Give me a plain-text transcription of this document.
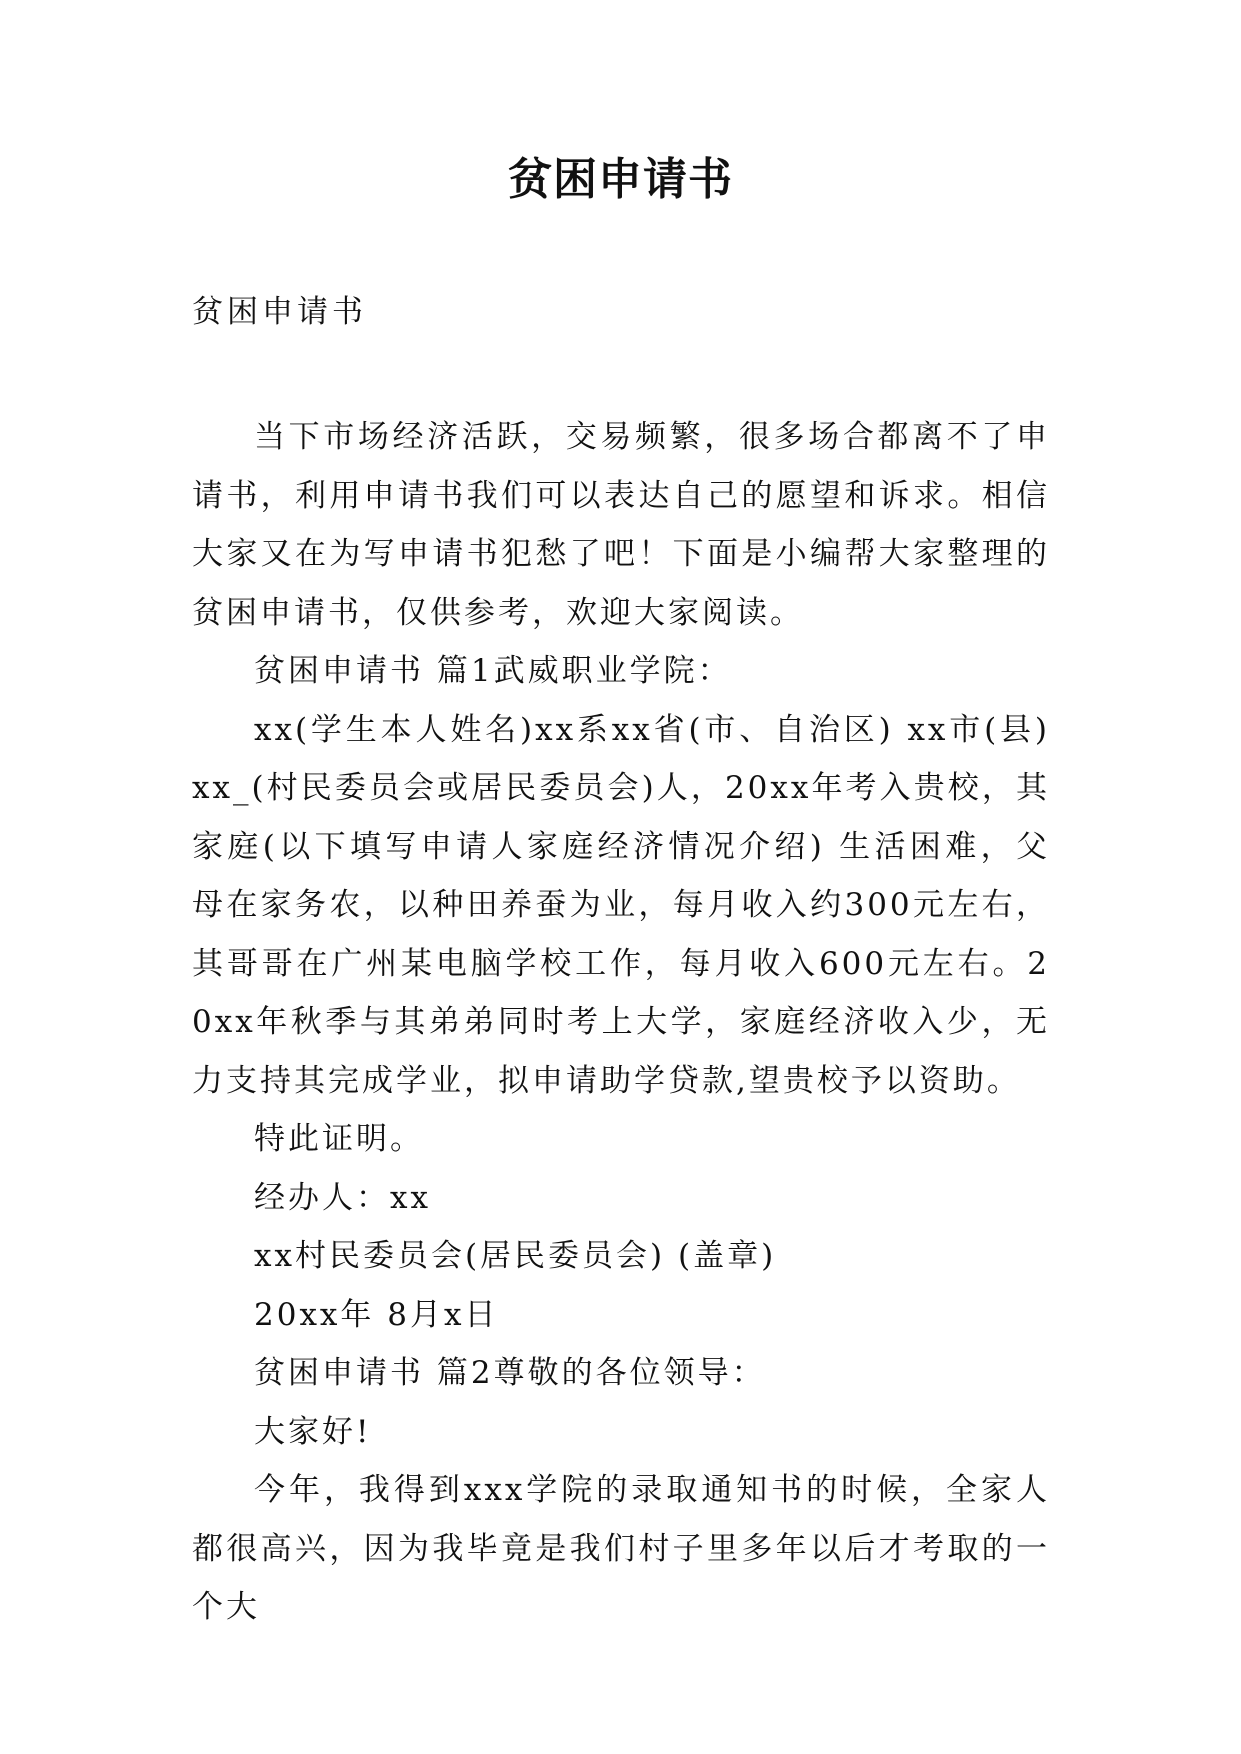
贫困申请书
贫困申请书

当下市场经济活跃，交易频繁，很多场合都离不了申请书，利用申请书我们可以表达自己的愿望和诉求。相信大家又在为写申请书犯愁了吧！下面是小编帮大家整理的贫困申请书，仅供参考，欢迎大家阅读。

贫困申请书 篇1武威职业学院：

xx(学生本人姓名)xx系xx省(市、自治区) xx市(县)xx_(村民委员会或居民委员会)人，20xx年考入贵校，其家庭(以下填写申请人家庭经济情况介绍) 生活困难，父母在家务农，以种田养蚕为业，每月收入约300元左右，其哥哥在广州某电脑学校工作，每月收入600元左右。20xx年秋季与其弟弟同时考上大学，家庭经济收入少，无力支持其完成学业，拟申请助学贷款,望贵校予以资助。

特此证明。

经办人：xx

xx村民委员会(居民委员会) (盖章)

20xx年 8月x日

贫困申请书 篇2尊敬的各位领导：

大家好!

今年，我得到xxx学院的录取通知书的时候，全家人都很高兴，因为我毕竟是我们村子里多年以后才考取的一个大
